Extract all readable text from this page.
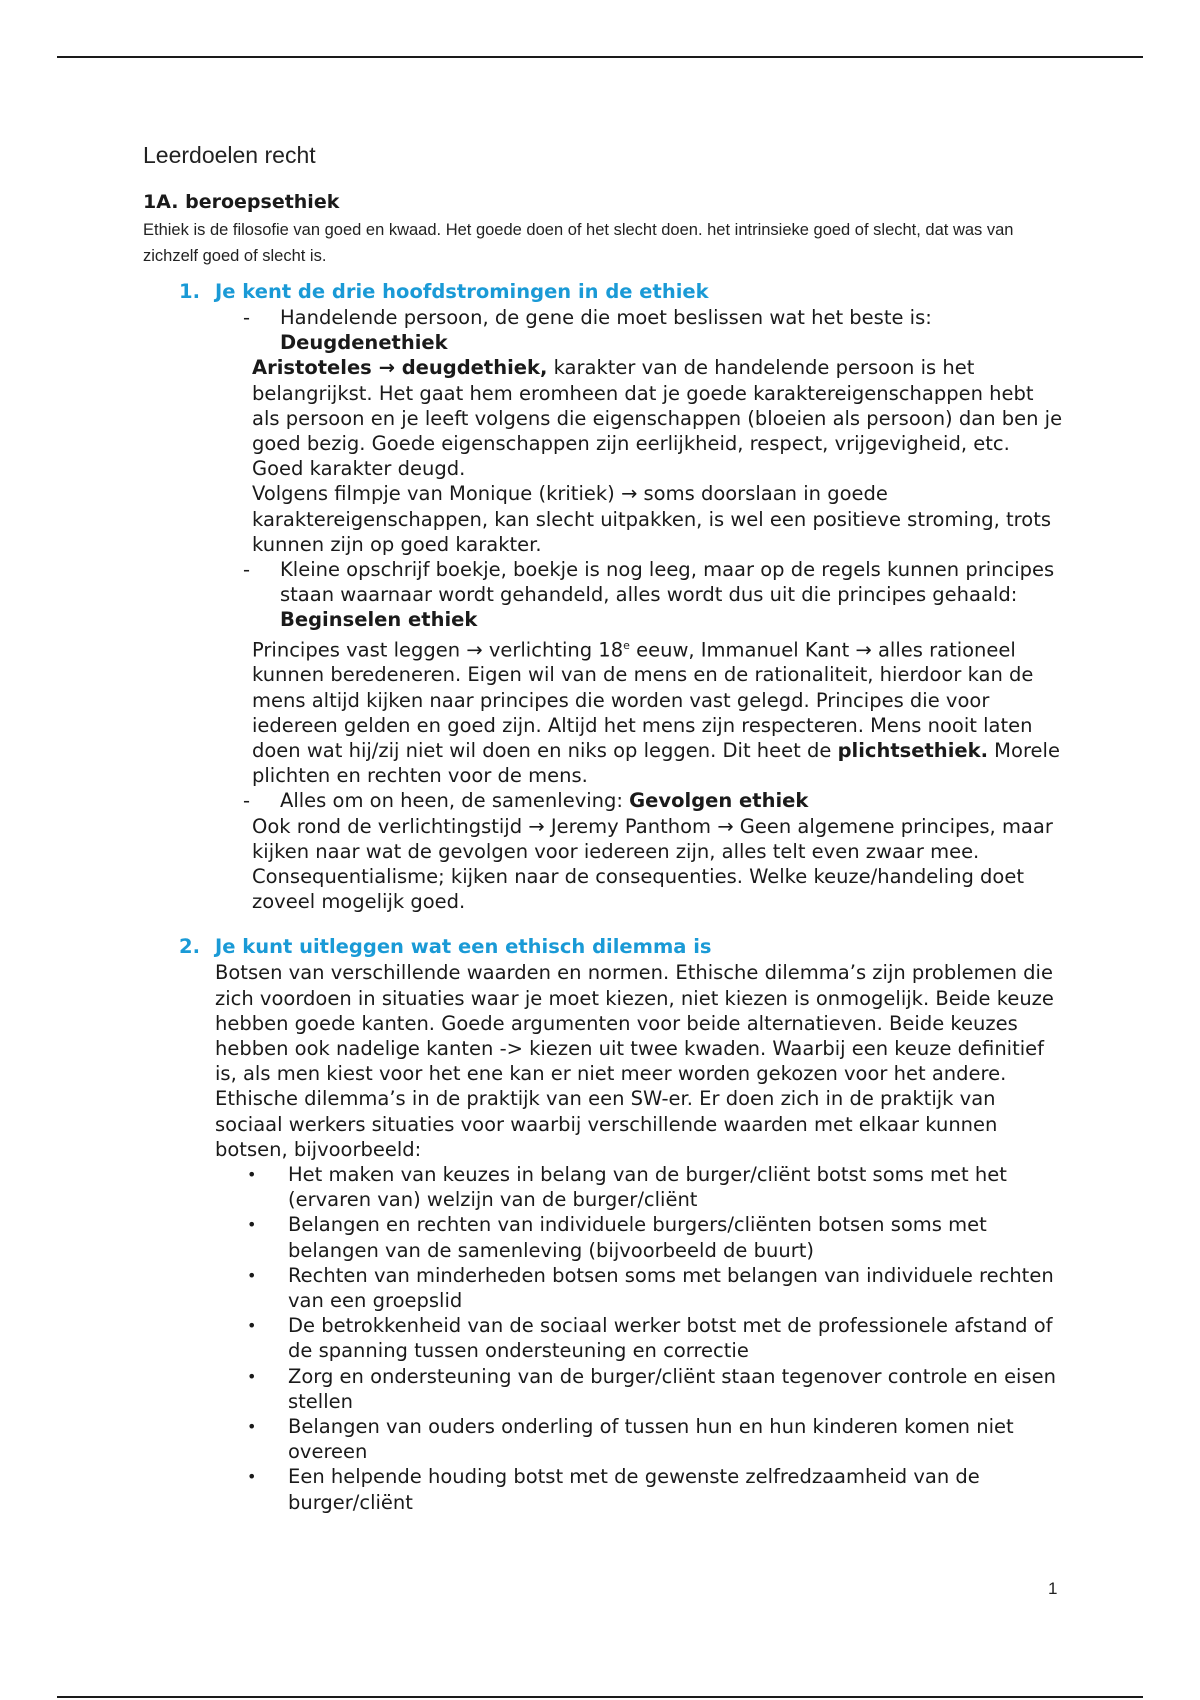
Leerdoelen recht
1A. beroepsethiek

Ethiek is de filosofie van goed en kwaad. Het goede doen of het slecht doen. het intrinsieke goed of slecht, dat was van zichzelf goed of slecht is.

1. Je kent de drie hoofdstromingen in de ethiek
- Handelende persoon, de gene die moet beslissen wat het beste is:
Deugdenethiek
Aristoteles → deugdethiek, karakter van de handelende persoon is het belangrijkst. Het gaat hem eromheen dat je goede karaktereigenschappen hebt als persoon en je leeft volgens die eigenschappen (bloeien als persoon) dan ben je goed bezig. Goede eigenschappen zijn eerlijkheid, respect, vrijgevigheid, etc. Goed karakter deugd.
Volgens filmpje van Monique (kritiek) → soms doorslaan in goede karaktereigenschappen, kan slecht uitpakken, is wel een positieve stroming, trots kunnen zijn op goed karakter.
- Kleine opschrijf boekje, boekje is nog leeg, maar op de regels kunnen principes staan waarnaar wordt gehandeld, alles wordt dus uit die principes gehaald: Beginselen ethiek
Principes vast leggen → verlichting 18e eeuw, Immanuel Kant → alles rationeel kunnen beredeneren. Eigen wil van de mens en de rationaliteit, hierdoor kan de mens altijd kijken naar principes die worden vast gelegd. Principes die voor iedereen gelden en goed zijn. Altijd het mens zijn respecteren. Mens nooit laten doen wat hij/zij niet wil doen en niks op leggen. Dit heet de plichtsethiek. Morele plichten en rechten voor de mens.
- Alles om on heen, de samenleving: Gevolgen ethiek
Ook rond de verlichtingstijd → Jeremy Panthom → Geen algemene principes, maar kijken naar wat de gevolgen voor iedereen zijn, alles telt even zwaar mee. Consequentialisme; kijken naar de consequenties. Welke keuze/handeling doet zoveel mogelijk goed.
2. Je kunt uitleggen wat een ethisch dilemma is
Botsen van verschillende waarden en normen. Ethische dilemma’s zijn problemen die zich voordoen in situaties waar je moet kiezen, niet kiezen is onmogelijk. Beide keuze hebben goede kanten. Goede argumenten voor beide alternatieven. Beide keuzes hebben ook nadelige kanten -> kiezen uit twee kwaden. Waarbij een keuze definitief is, als men kiest voor het ene kan er niet meer worden gekozen voor het andere.
Ethische dilemma’s in de praktijk van een SW-er. Er doen zich in de praktijk van sociaal werkers situaties voor waarbij verschillende waarden met elkaar kunnen botsen, bijvoorbeeld:
• Het maken van keuzes in belang van de burger/cliënt botst soms met het (ervaren van) welzijn van de burger/cliënt
• Belangen en rechten van individuele burgers/cliënten botsen soms met belangen van de samenleving (bijvoorbeeld de buurt)
• Rechten van minderheden botsen soms met belangen van individuele rechten van een groepslid
• De betrokkenheid van de sociaal werker botst met de professionele afstand of de spanning tussen ondersteuning en correctie
• Zorg en ondersteuning van de burger/cliënt staan tegenover controle en eisen stellen
• Belangen van ouders onderling of tussen hun en hun kinderen komen niet overeen
• Een helpende houding botst met de gewenste zelfredzaamheid van de burger/cliënt
1
